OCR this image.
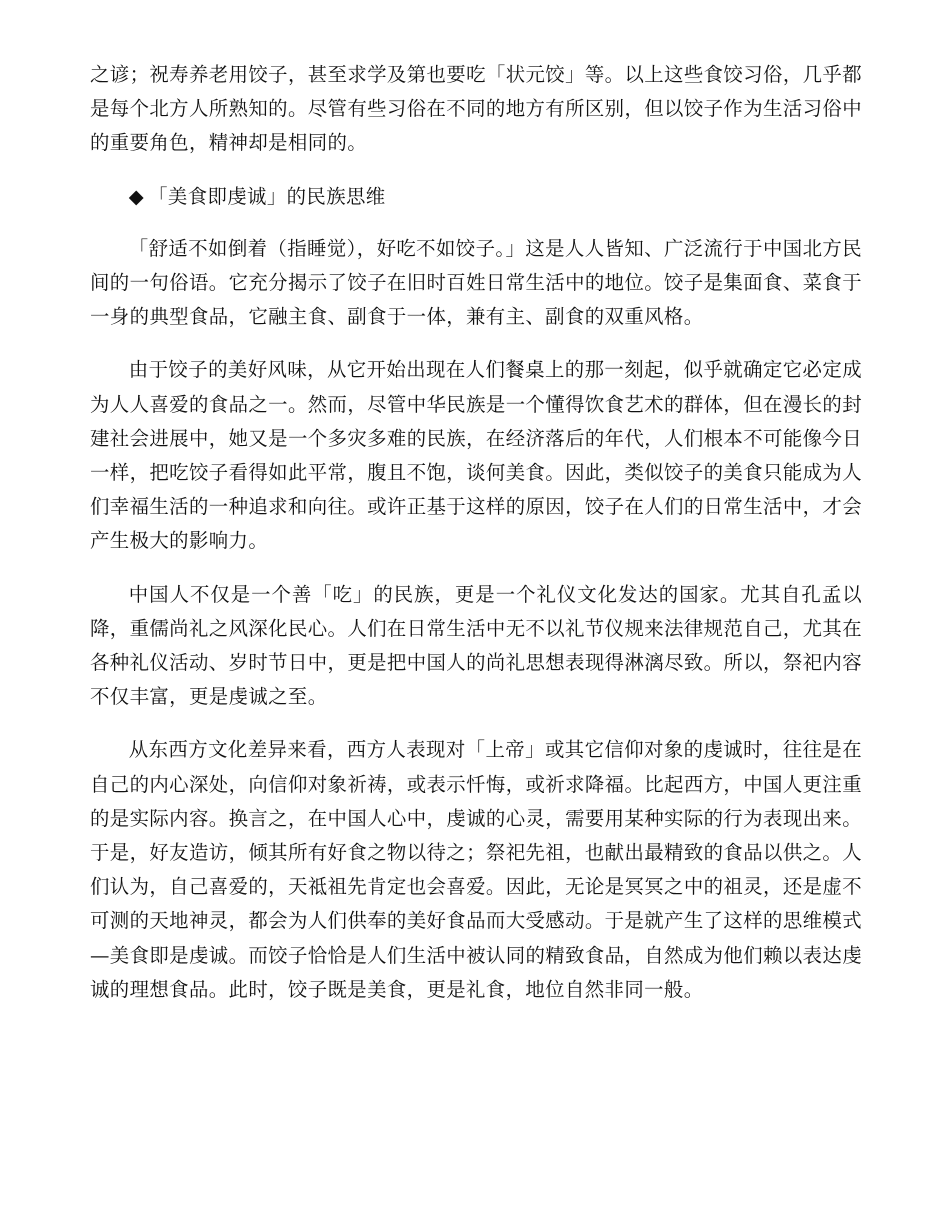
之谚；祝寿养老用饺子，甚至求学及第也要吃「状元饺」等。以上这些食饺习俗，几乎都是每个北方人所熟知的。尽管有些习俗在不同的地方有所区别，但以饺子作为生活习俗中的重要角色，精神却是相同的。

◆ 「美食即虔诚」的民族思维

「舒适不如倒着（指睡觉），好吃不如饺子。」这是人人皆知、广泛流行于中国北方民间的一句俗语。它充分揭示了饺子在旧时百姓日常生活中的地位。饺子是集面食、菜食于一身的典型食品，它融主食、副食于一体，兼有主、副食的双重风格。

由于饺子的美好风味，从它开始出现在人们餐桌上的那一刻起，似乎就确定它必定成为人人喜爱的食品之一。然而，尽管中华民族是一个懂得饮食艺术的群体，但在漫长的封建社会进展中，她又是一个多灾多难的民族，在经济落后的年代，人们根本不可能像今日一样，把吃饺子看得如此平常，腹且不饱，谈何美食。因此，类似饺子的美食只能成为人们幸福生活的一种追求和向往。或许正基于这样的原因，饺子在人们的日常生活中，才会产生极大的影响力。

中国人不仅是一个善「吃」的民族，更是一个礼仪文化发达的国家。尤其自孔孟以降，重儒尚礼之风深化民心。人们在日常生活中无不以礼节仪规来法律规范自己，尤其在各种礼仪活动、岁时节日中，更是把中国人的尚礼思想表现得淋漓尽致。所以，祭祀内容不仅丰富，更是虔诚之至。

从东西方文化差异来看，西方人表现对「上帝」或其它信仰对象的虔诚时，往往是在自己的内心深处，向信仰对象祈祷，或表示忏悔，或祈求降福。比起西方，中国人更注重的是实际内容。换言之，在中国人心中，虔诚的心灵，需要用某种实际的行为表现出来。于是，好友造访，倾其所有好食之物以待之；祭祀先祖，也献出最精致的食品以供之。人们认为，自己喜爱的，天祗祖先肯定也会喜爱。因此，无论是冥冥之中的祖灵，还是虚不可测的天地神灵，都会为人们供奉的美好食品而大受感动。于是就产生了这样的思维模式—美食即是虔诚。而饺子恰恰是人们生活中被认同的精致食品，自然成为他们赖以表达虔诚的理想食品。此时，饺子既是美食，更是礼食，地位自然非同一般。
